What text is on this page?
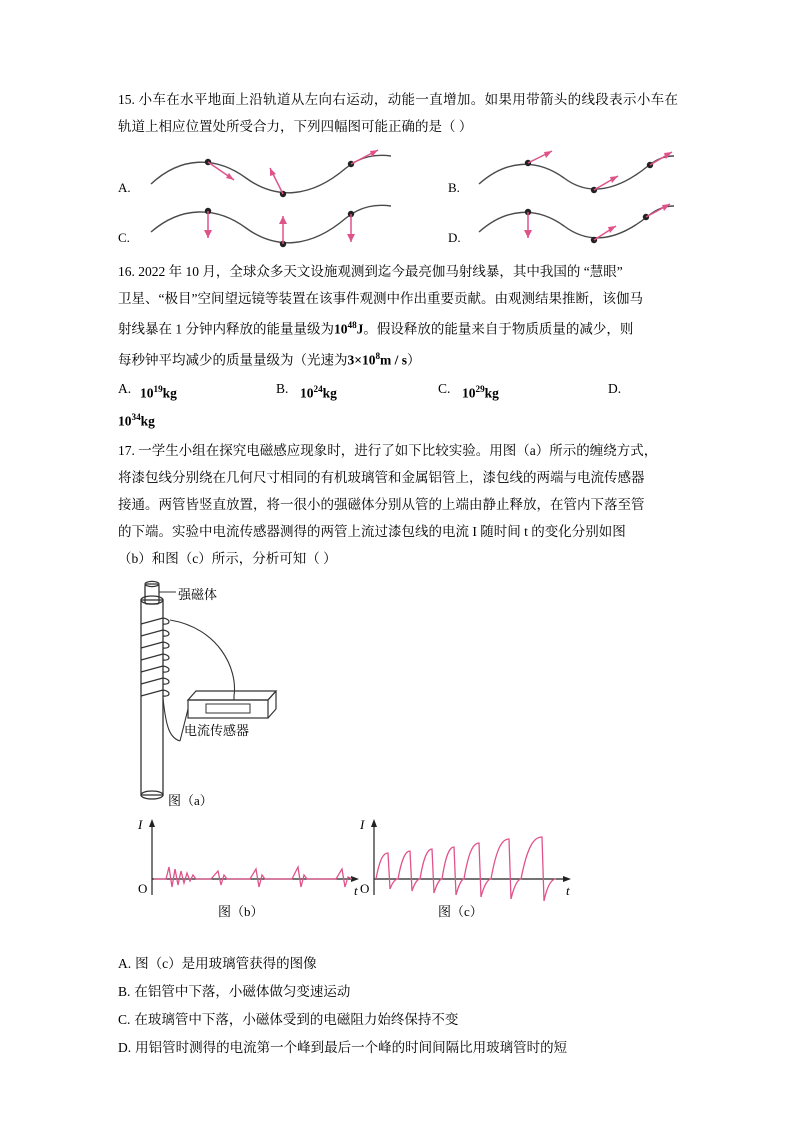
15. 小车在水平地面上沿轨道从左向右运动，动能一直增加。如果用带箭头的线段表示小车在轨道上相应位置处所受合力，下列四幅图可能正确的是（ ）
A.	B.
C.	D.
16. 2022 年 10 月，全球众多天文设施观测到迄今最亮伽马射线暴，其中我国的 “慧眼”
卫星、“极目”空间望远镜等装置在该事件观测中作出重要贡献。由观测结果推断，该伽马
射线暴在 1 分钟内释放的能量量级为$10^{48}J$。假设释放的能量来自于物质质量的减少，则
每秒钟平均减少的质量量级为（光速为$3\times 10^8m / s$）
A. $10^{19}kg$	B. $10^{24}kg$	C. $10^{29}kg$	D.
$10^{34}kg$
17. 一学生小组在探究电磁感应现象时，进行了如下比较实验。用图（a）所示的缠绕方式，
将漆包线分别绕在几何尺寸相同的有机玻璃管和金属铝管上，漆包线的两端与电流传感器
接通。两管皆竖直放置，将一很小的强磁体分别从管的上端由静止释放，在管内下落至管
的下端。实验中电流传感器测得的两管上流过漆包线的电流 I 随时间 t 的变化分别如图
（b）和图（c）所示，分析可知（ ）
强磁体
电流传感器
图（a）
I
O	t
图（b）
I
O	t
图（c）
A. 图（c）是用玻璃管获得的图像
B. 在铝管中下落，小磁体做匀变速运动
C. 在玻璃管中下落，小磁体受到的电磁阻力始终保持不变
D. 用铝管时测得的电流第一个峰到最后一个峰的时间间隔比用玻璃管时的短
